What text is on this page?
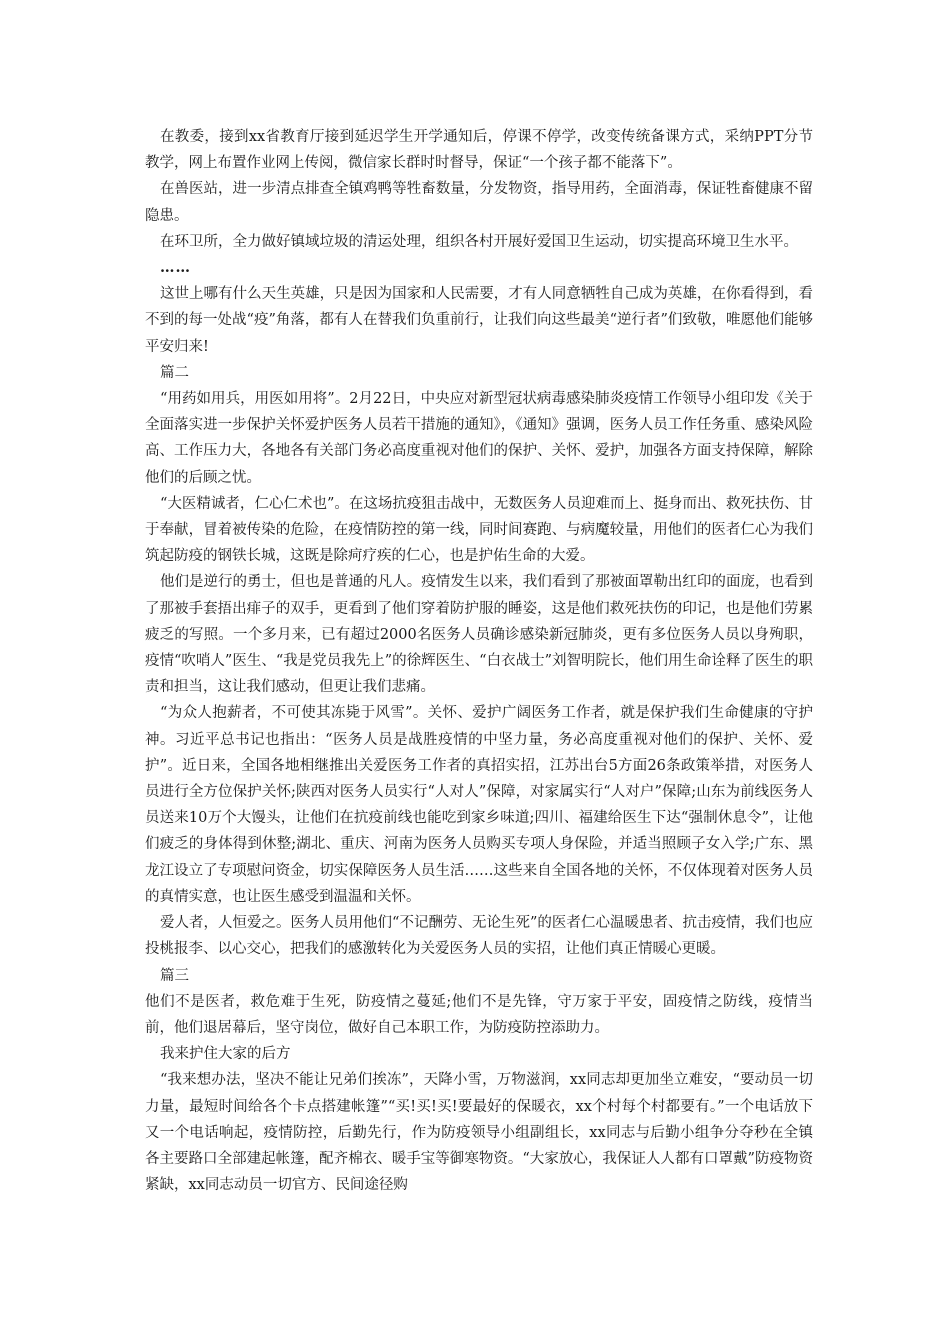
在教委，接到xx省教育厅接到延迟学生开学通知后，停课不停学，改变传统备课方式，采纳PPT分节教学，网上布置作业网上传阅，微信家长群时时督导，保证“一个孩子都不能落下”。

在兽医站，进一步清点排查全镇鸡鸭等牲畜数量，分发物资，指导用药，全面消毒，保证牲畜健康不留隐患。

在环卫所，全力做好镇域垃圾的清运处理，组织各村开展好爱国卫生运动，切实提高环境卫生水平。

……

这世上哪有什么天生英雄，只是因为国家和人民需要，才有人同意牺牲自己成为英雄，在你看得到，看不到的每一处战“疫”角落，都有人在替我们负重前行，让我们向这些最美“逆行者”们致敬，唯愿他们能够平安归来!

篇二

“用药如用兵，用医如用将”。2月22日，中央应对新型冠状病毒感染肺炎疫情工作领导小组印发《关于全面落实进一步保护关怀爱护医务人员若干措施的通知》，《通知》强调，医务人员工作任务重、感染风险高、工作压力大，各地各有关部门务必高度重视对他们的保护、关怀、爱护，加强各方面支持保障，解除他们的后顾之忧。

“大医精诚者，仁心仁术也”。在这场抗疫狙击战中，无数医务人员迎难而上、挺身而出、救死扶伤、甘于奉献，冒着被传染的危险，在疫情防控的第一线，同时间赛跑、与病魔较量，用他们的医者仁心为我们筑起防疫的钢铁长城，这既是除疴疗疾的仁心，也是护佑生命的大爱。

他们是逆行的勇士，但也是普通的凡人。疫情发生以来，我们看到了那被面罩勒出红印的面庞，也看到了那被手套捂出痱子的双手，更看到了他们穿着防护服的睡姿，这是他们救死扶伤的印记，也是他们劳累疲乏的写照。一个多月来，已有超过2000名医务人员确诊感染新冠肺炎，更有多位医务人员以身殉职，疫情“吹哨人”医生、“我是党员我先上”的徐辉医生、“白衣战士”刘智明院长，他们用生命诠释了医生的职责和担当，这让我们感动，但更让我们悲痛。

“为众人抱薪者，不可使其冻毙于风雪”。关怀、爱护广阔医务工作者，就是保护我们生命健康的守护神。习近平总书记也指出：“医务人员是战胜疫情的中坚力量，务必高度重视对他们的保护、关怀、爱护”。近日来，全国各地相继推出关爱医务工作者的真招实招，江苏出台5方面26条政策举措，对医务人员进行全方位保护关怀;陕西对医务人员实行“人对人”保障，对家属实行“人对户”保障;山东为前线医务人员送来10万个大馒头，让他们在抗疫前线也能吃到家乡味道;四川、福建给医生下达“强制休息令”，让他们疲乏的身体得到休整;湖北、重庆、河南为医务人员购买专项人身保险，并适当照顾子女入学;广东、黑龙江设立了专项慰问资金，切实保障医务人员生活……这些来自全国各地的关怀，不仅体现着对医务人员的真情实意，也让医生感受到温温和关怀。

爱人者，人恒爱之。医务人员用他们“不记酬劳、无论生死”的医者仁心温暖患者、抗击疫情，我们也应投桃报李、以心交心，把我们的感激转化为关爱医务人员的实招，让他们真正情暖心更暖。

篇三

他们不是医者，救危难于生死，防疫情之蔓延;他们不是先锋，守万家于平安，固疫情之防线，疫情当前，他们退居幕后，坚守岗位，做好自己本职工作，为防疫防控添助力。

我来护住大家的后方

“我来想办法，坚决不能让兄弟们挨冻”，天降小雪，万物滋润，xx同志却更加坐立难安，“要动员一切力量，最短时间给各个卡点搭建帐篷”“买!买!买!要最好的保暖衣，xx个村每个村都要有。”一个电话放下又一个电话响起，疫情防控，后勤先行，作为防疫领导小组副组长，xx同志与后勤小组争分夺秒在全镇各主要路口全部建起帐篷，配齐棉衣、暖手宝等御寒物资。“大家放心，我保证人人都有口罩戴”防疫物资紧缺，xx同志动员一切官方、民间途径购
